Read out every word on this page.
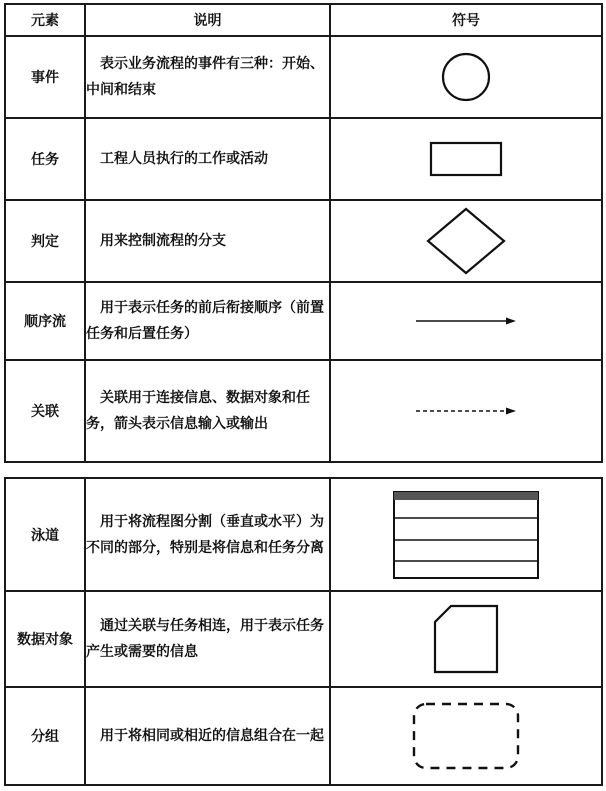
元素	说明	符号
事件	表示业务流程的事件有三种：开始、中间和结束

任务	工程人员执行的工作或活动

判定	用来控制流程的分支

顺序流	用于表示任务的前后衔接顺序（前置任务和后置任务）

关联	关联用于连接信息、数据对象和任务，箭头表示信息输入或输出

泳道	用于将流程图分割（垂直或水平）为不同的部分，特别是将信息和任务分离

数据对象	通过关联与任务相连，用于表示任务产生或需要的信息

分组	用于将相同或相近的信息组合在一起
